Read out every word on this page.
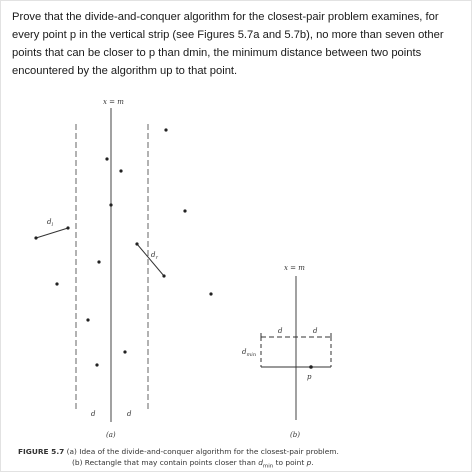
Prove that the divide-and-conquer algorithm for the closest-pair problem examines, for every point p in the vertical strip (see Figures 5.7a and 5.7b), no more than seven other points that can be closer to p than dmin, the minimum distance between two points encountered by the algorithm up to that point.

x = m
$d_l$
$d_r$
d	d
(a)
x = m
d	d
$d_{min}$
p
(b)
FIGURE 5.7 (a) Idea of the divide-and-conquer algorithm for the closest-pair problem.
(b) Rectangle that may contain points closer than $d_{min}$ to point p.
